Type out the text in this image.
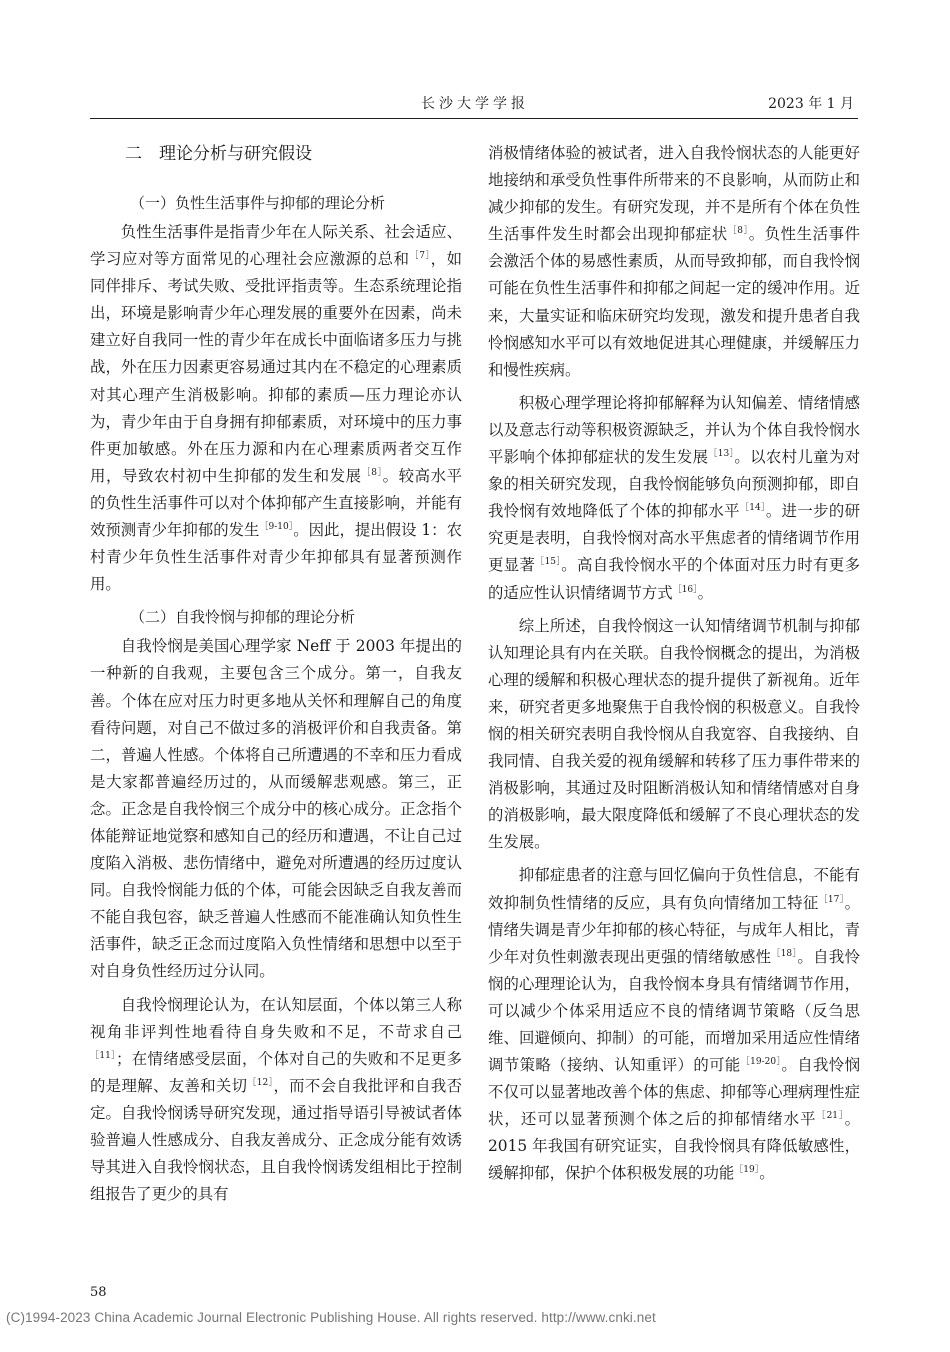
长沙大学学报	2023 年 1 月
二　理论分析与研究假设
（一）负性生活事件与抑郁的理论分析

负性生活事件是指青少年在人际关系、社会适应、学习应对等方面常见的心理社会应激源的总和$^{[7]}$，如同伴排斥、考试失败、受批评指责等。生态系统理论指出，环境是影响青少年心理发展的重要外在因素，尚未建立好自我同一性的青少年在成长中面临诸多压力与挑战，外在压力因素更容易通过其内在不稳定的心理素质对其心理产生消极影响。抑郁的素质—压力理论亦认为，青少年由于自身拥有抑郁素质，对环境中的压力事件更加敏感。外在压力源和内在心理素质两者交互作用，导致农村初中生抑郁的发生和发展$^{[8]}$。较高水平的负性生活事件可以对个体抑郁产生直接影响，并能有效预测青少年抑郁的发生$^{[9-10]}$。因此，提出假设 1：农村青少年负性生活事件对青少年抑郁具有显著预测作用。

（二）自我怜悯与抑郁的理论分析

自我怜悯是美国心理学家 Neff 于 2003 年提出的一种新的自我观，主要包含三个成分。第一，自我友善。个体在应对压力时更多地从关怀和理解自己的角度看待问题，对自己不做过多的消极评价和自我责备。第二，普遍人性感。个体将自己所遭遇的不幸和压力看成是大家都普遍经历过的，从而缓解悲观感。第三，正念。正念是自我怜悯三个成分中的核心成分。正念指个体能辩证地觉察和感知自己的经历和遭遇，不让自己过度陷入消极、悲伤情绪中，避免对所遭遇的经历过度认同。自我怜悯能力低的个体，可能会因缺乏自我友善而不能自我包容，缺乏普遍人性感而不能准确认知负性生活事件，缺乏正念而过度陷入负性情绪和思想中以至于对自身负性经历过分认同。

自我怜悯理论认为，在认知层面，个体以第三人称视角非评判性地看待自身失败和不足，不苛求自己$^{[11]}$；在情绪感受层面，个体对自己的失败和不足更多的是理解、友善和关切$^{[12]}$，而不会自我批评和自我否定。自我怜悯诱导研究发现，通过指导语引导被试者体验普遍人性感成分、自我友善成分、正念成分能有效诱导其进入自我怜悯状态，且自我怜悯诱发组相比于控制组报告了更少的具有

消极情绪体验的被试者，进入自我怜悯状态的人能更好地接纳和承受负性事件所带来的不良影响，从而防止和减少抑郁的发生。有研究发现，并不是所有个体在负性生活事件发生时都会出现抑郁症状$^{[8]}$。负性生活事件会激活个体的易感性素质，从而导致抑郁，而自我怜悯可能在负性生活事件和抑郁之间起一定的缓冲作用。近来，大量实证和临床研究均发现，激发和提升患者自我怜悯感知水平可以有效地促进其心理健康，并缓解压力和慢性疾病。

积极心理学理论将抑郁解释为认知偏差、情绪情感以及意志行动等积极资源缺乏，并认为个体自我怜悯水平影响个体抑郁症状的发生发展$^{[13]}$。以农村儿童为对象的相关研究发现，自我怜悯能够负向预测抑郁，即自我怜悯有效地降低了个体的抑郁水平$^{[14]}$。进一步的研究更是表明，自我怜悯对高水平焦虑者的情绪调节作用更显著$^{[15]}$。高自我怜悯水平的个体面对压力时有更多的适应性认识情绪调节方式$^{[16]}$。

综上所述，自我怜悯这一认知情绪调节机制与抑郁认知理论具有内在关联。自我怜悯概念的提出，为消极心理的缓解和积极心理状态的提升提供了新视角。近年来，研究者更多地聚焦于自我怜悯的积极意义。自我怜悯的相关研究表明自我怜悯从自我宽容、自我接纳、自我同情、自我关爱的视角缓解和转移了压力事件带来的消极影响，其通过及时阻断消极认知和情绪情感对自身的消极影响，最大限度降低和缓解了不良心理状态的发生发展。

抑郁症患者的注意与回忆偏向于负性信息，不能有效抑制负性情绪的反应，具有负向情绪加工特征$^{[17]}$。情绪失调是青少年抑郁的核心特征，与成年人相比，青少年对负性刺激表现出更强的情绪敏感性$^{[18]}$。自我怜悯的心理理论认为，自我怜悯本身具有情绪调节作用，可以减少个体采用适应不良的情绪调节策略（反刍思维、回避倾向、抑制）的可能，而增加采用适应性情绪调节策略（接纳、认知重评）的可能$^{[19-20]}$。自我怜悯不仅可以显著地改善个体的焦虑、抑郁等心理病理性症状，还可以显著预测个体之后的抑郁情绪水平$^{[21]}$。2015 年我国有研究证实，自我怜悯具有降低敏感性，缓解抑郁，保护个体积极发展的功能$^{[19]}$。

58
(C)1994-2023 China Academic Journal Electronic Publishing House. All rights reserved. http://www.cnki.net
